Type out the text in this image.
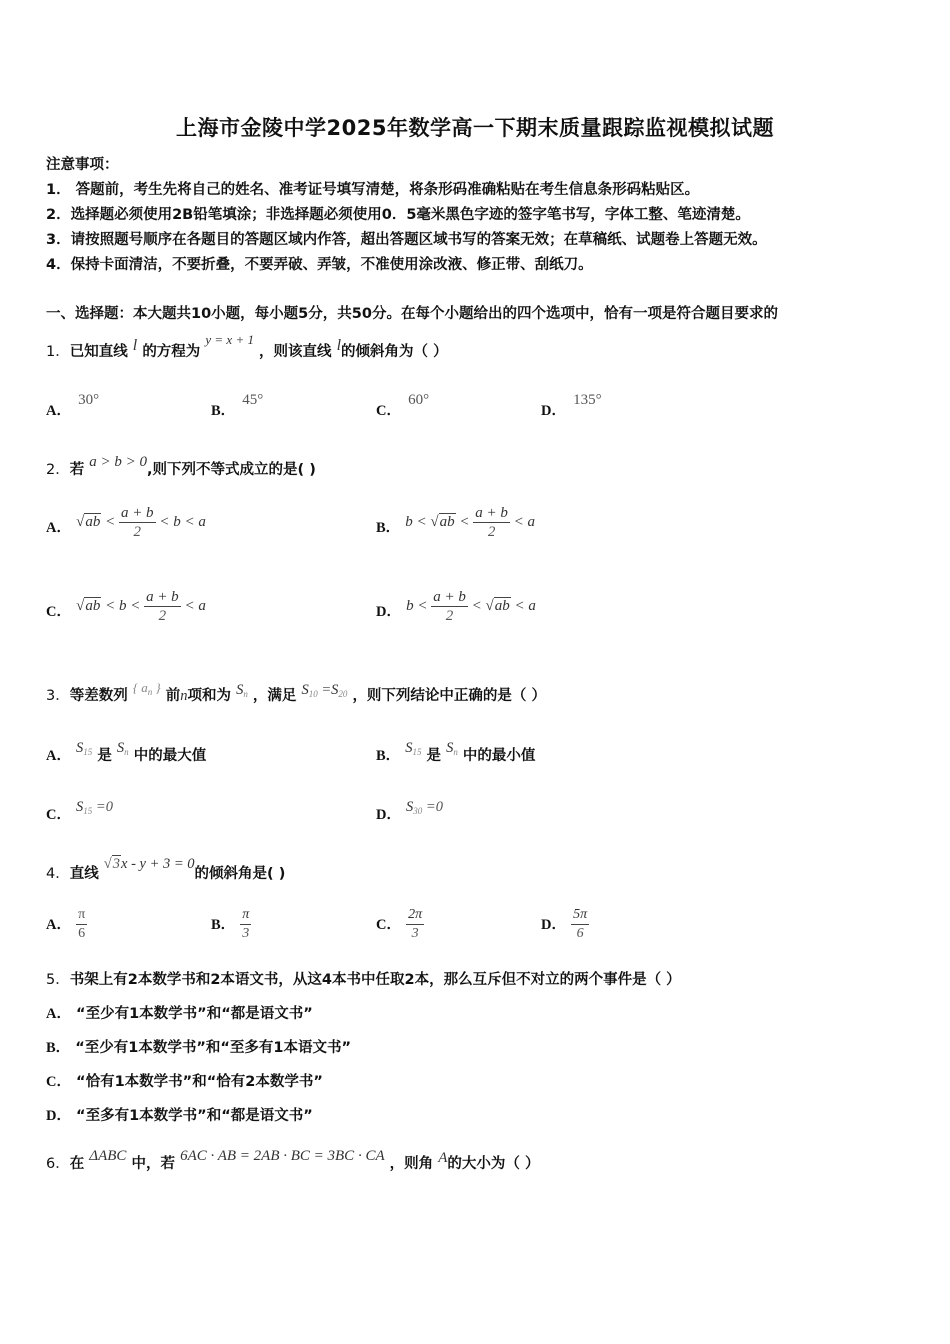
上海市金陵中学2025年数学高一下期末质量跟踪监视模拟试题
注意事项：
1． 答题前，考生先将自己的姓名、准考证号填写清楚，将条形码准确粘贴在考生信息条形码粘贴区。
2．选择题必须使用2B铅笔填涂；非选择题必须使用0．5毫米黑色字迹的签字笔书写，字体工整、笔迹清楚。
3．请按照题号顺序在各题目的答题区域内作答，超出答题区域书写的答案无效；在草稿纸、试题卷上答题无效。
4．保持卡面清洁，不要折叠，不要弄破、弄皱，不准使用涂改液、修正带、刮纸刀。
一、选择题：本大题共10小题，每小题5分，共50分。在每个小题给出的四个选项中，恰有一项是符合题目要求的
1．已知直线 l 的方程为 y = x + 1 ，则该直线 l的倾斜角为（ ）
A． 30°
B． 45°
C． 60°
D． 135°
2．若 a > b > 0,则下列不等式成立的是( )
A． $√ab < \frac{a + b}{2} < b < a$	B． $b < √ab < \frac{a + b}{2} < a$
C． $√ab < b < \frac{a + b}{2} < a$	D． $b < \frac{a + b}{2} < √ab < a$
3．等差数列 { $a_n$ } 前n项和为 $S_n$ ，满足 $S_{10} =S_{20}$ ，则下列结论中正确的是（ ）
A． $S_{15}$ 是 $S_n$ 中的最大值	B． $S_{15}$ 是 $S_n$ 中的最小值
C． $S_{15} =0$	D． $S_{30} =0$
4．直线 √3x - y + 3 = 0的倾斜角是( )
A． $\frac{\pi}{6}$	B． $\frac{\pi}{3}$	C． $\frac{2\pi}{3}$	D． $\frac{5\pi}{6}$
5．书架上有2本数学书和2本语文书，从这4本书中任取2本，那么互斥但不对立的两个事件是（ ）
A． “至少有1本数学书”和“都是语文书”
B． “至少有1本数学书”和“至多有1本语文书”
C． “恰有1本数学书”和“恰有2本数学书”
D． “至多有1本数学书”和“都是语文书”
6．在 ΔABC 中，若 6AC · AB = 2AB · BC = 3BC · CA ，则角 A的大小为（ ）
